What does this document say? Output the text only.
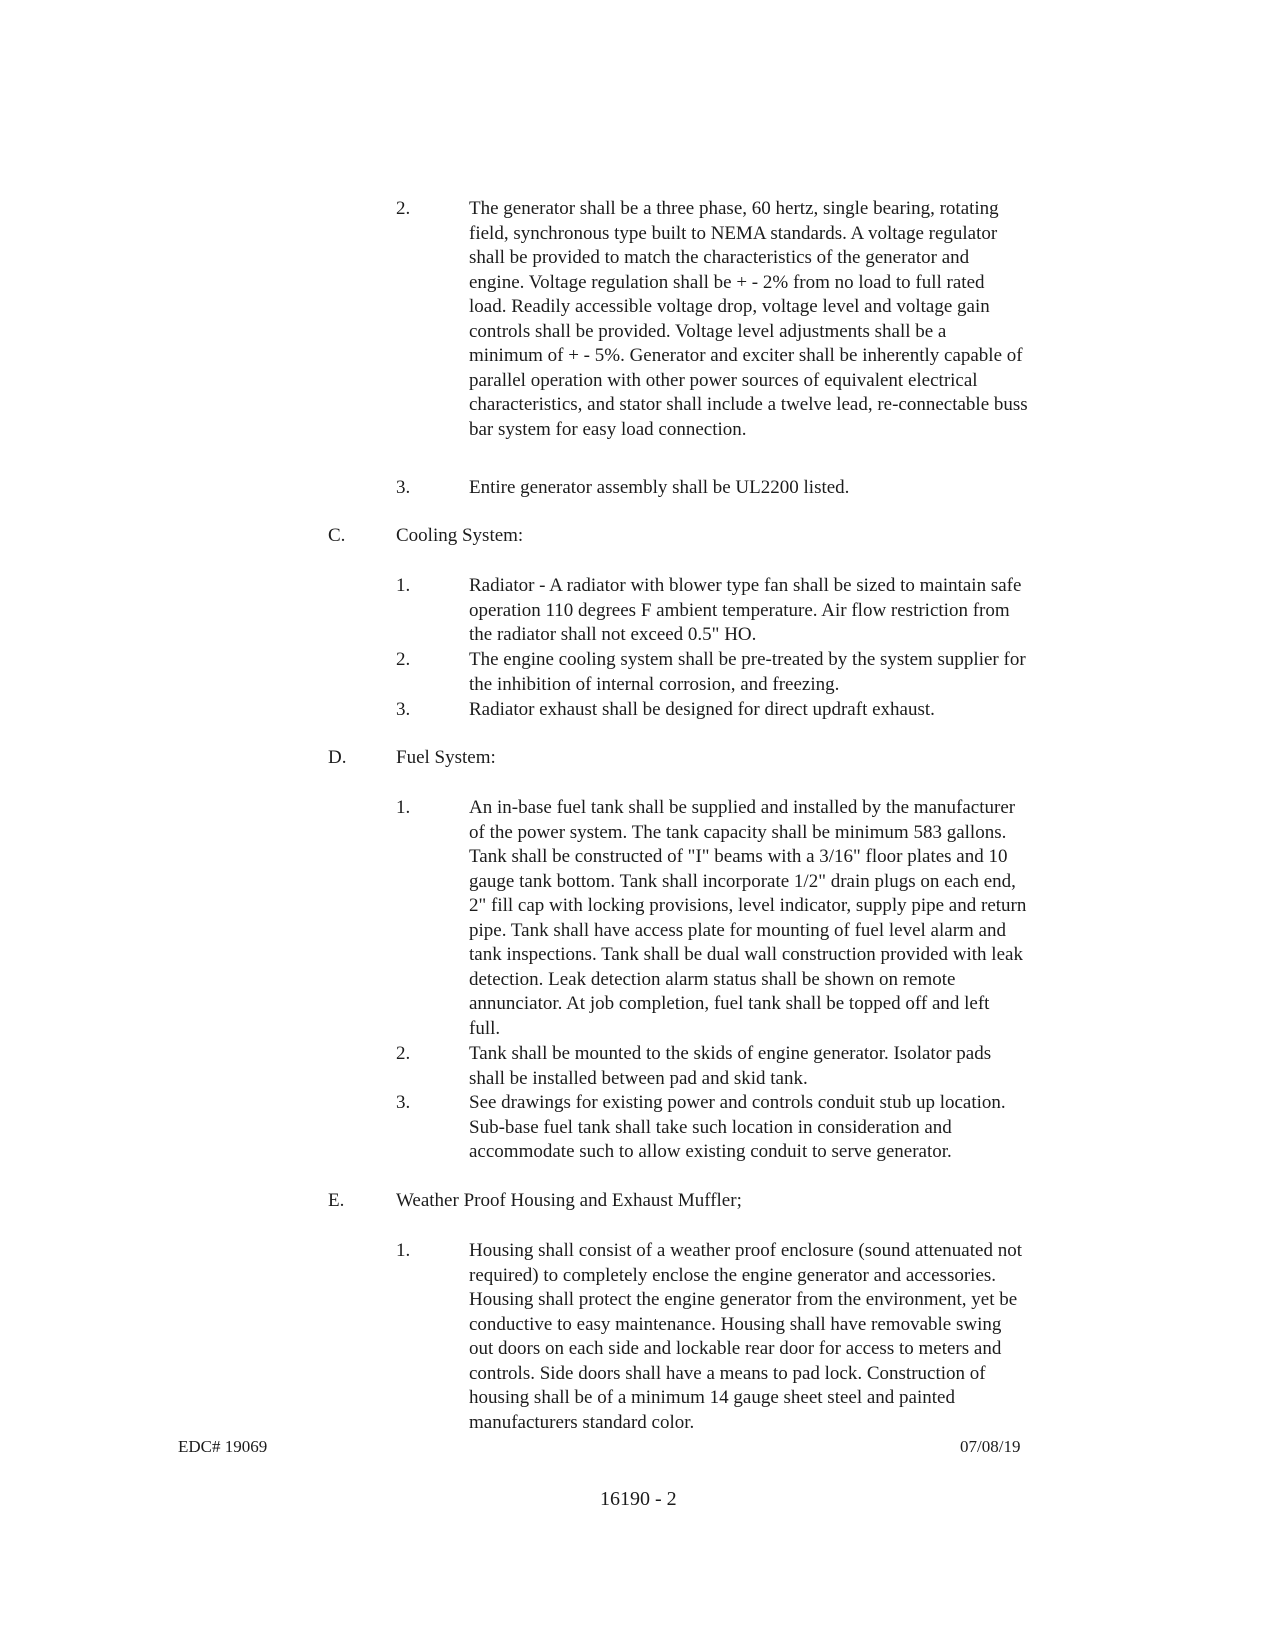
2.	The generator shall be a three phase, 60 hertz, single bearing, rotating
field, synchronous type built to NEMA standards. A voltage regulator
shall be provided to match the characteristics of the generator and
engine. Voltage regulation shall be + - 2% from no load to full rated
load. Readily accessible voltage drop, voltage level and voltage gain
controls shall be provided. Voltage level adjustments shall be a
minimum of + - 5%. Generator and exciter shall be inherently capable of
parallel operation with other power sources of equivalent electrical
characteristics, and stator shall include a twelve lead, re-connectable buss
bar system for easy load connection.
3.	Entire generator assembly shall be UL2200 listed.
C.	Cooling System:
1.	Radiator - A radiator with blower type fan shall be sized to maintain safe
operation 110 degrees F ambient temperature. Air flow restriction from
the radiator shall not exceed 0.5" HO.
2.	The engine cooling system shall be pre-treated by the system supplier for
the inhibition of internal corrosion, and freezing.
3.	Radiator exhaust shall be designed for direct updraft exhaust.
D.	Fuel System:
1.	An in-base fuel tank shall be supplied and installed by the manufacturer
of the power system. The tank capacity shall be minimum 583 gallons.
Tank shall be constructed of "I" beams with a 3/16" floor plates and 10
gauge tank bottom. Tank shall incorporate 1/2" drain plugs on each end,
2" fill cap with locking provisions, level indicator, supply pipe and return
pipe. Tank shall have access plate for mounting of fuel level alarm and
tank inspections. Tank shall be dual wall construction provided with leak
detection. Leak detection alarm status shall be shown on remote
annunciator. At job completion, fuel tank shall be topped off and left
full.
2.	Tank shall be mounted to the skids of engine generator. Isolator pads
shall be installed between pad and skid tank.
3.	See drawings for existing power and controls conduit stub up location.
Sub-base fuel tank shall take such location in consideration and
accommodate such to allow existing conduit to serve generator.
E.	Weather Proof Housing and Exhaust Muffler;
1.	Housing shall consist of a weather proof enclosure (sound attenuated not
required) to completely enclose the engine generator and accessories.
Housing shall protect the engine generator from the environment, yet be
conductive to easy maintenance. Housing shall have removable swing
out doors on each side and lockable rear door for access to meters and
controls. Side doors shall have a means to pad lock. Construction of
housing shall be of a minimum 14 gauge sheet steel and painted
manufacturers standard color.
EDC# 19069	07/08/19
16190 - 2
